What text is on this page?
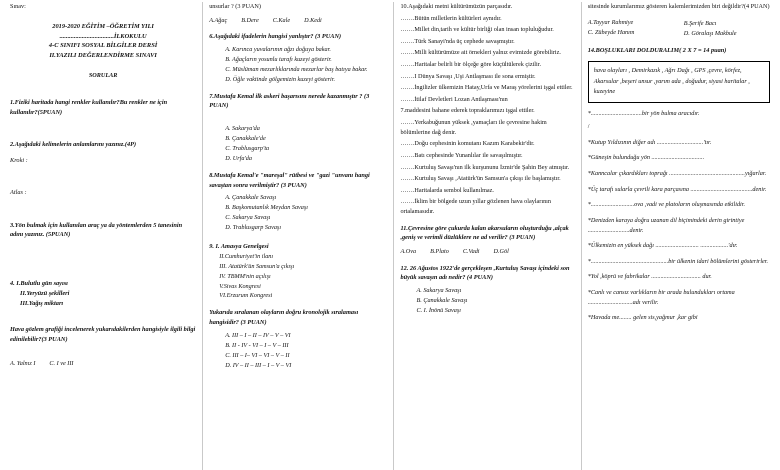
Sınav:
2019-2020 EĞİTİM –ÖĞRETİM YILI
..................................İLKOKULU
4-C SINIFI SOSYAL BİLGİLER DERSİ
II.YAZILI DEĞERLENDİRME SINAVI
SORULAR
1.Fiziki haritada hangi renkler kullanılır?Bu renkler ne için kullanılır?(5PUAN)
2.Aşağıdaki kelimelerin anlamlarını yazınız.(4P)
Kroki :
Atlas :
3.Yön bulmak için kullanılan araç ya da yöntemlerden 5 tanesinin adını yazınız. (5PUAN)
4. I.Bulutlu gün sayısı
II.Yeryüzü şekilleri
III.Yağış miktarı
Hava gözlem grafiği incelenerek yukarıdakilerden hangisiyle ilgili bilgi edinilebilir?(3 PUAN)
A. Yalnız I C. I ve III
unsurlar ? (3 PUAN)
A.Ağaç B.Dere C.Kale D.Kedi
6.Aşağıdaki ifadelerin hangisi yanlıştır? (3 PUAN)
A. Karınca yuvalarının ağzı doğuya bakar.
B. Ağaçların yosunlu tarafı kuzeyi gösterir.
C. Müslüman mezarlıklarında mezarlar baş batıya bakar.
D. Öğle vaktinde gölgemizin kuzeyi gösterir.
7.Mustafa Kemal ilk askeri başarısını nerede kazanmıştır ? (3 PUAN)
A. Sakarya'da
B. Çanakkale'de
C. Trablusgarp'ta
D. Urfa'da
8.Mustafa Kemal'e "mareşal" rütbesi ve "gazi "unvanı hangi savaştan sonra verilmiştir? (3 PUAN)
A. Çanakkale Savaşı
B. Başkomutanlık Meydan Savaşı
C. Sakarya Savaşı
D. Trablusgarp Savaşı
9. I. Amasya Genelgesi
II.Cumhuriyet'in ilanı
III. Atatürk'ün Samsun'a çıkışı
IV. TBMM'nin açılışı
V.Sivas Kongresi
VI.Erzurum Kongresi
Yukarıda sıralanan olayların doğru kronolojik sıralaması hangisidir? (3 PUAN)
A. III – I – II – IV – V – VI
B. II - IV - VI – I – V – III
C. III – I– VI – VI – V – II
D. IV – II – III – I – V – VI
10.Aşağıdaki metni kültürümüzün parçasıdır.
…….Bütün milletlerin kültürleri aynıdır.
…….Millet din,tarih ve kültür birliği olan insan topluluğudur.
…….Türk Sanayi'nda üç cephede savaşmıştır.
…….Milli kültürümüze ait örnekleri yalnız evimizde görebiliriz.
…….Haritalar belirli bir ölçeğe göre küçültülerek çizilir.
…….I Dünya Savaşı ,Uşi Antlaşması ile sona ermiştir.
…….İngilizler ülkemizin Hatay,Urfa ve Maraş yörelerini işgal ettiler.
…….İtilaf Devletleri Lozan Antlaşması'nın
7.maddesini bahane ederek topraklarımızı işgal ettiler.
…….Yerkabuğunun yüksek ,yamaçları ile çevresine hakim bölümlerine dağ denir.
…….Doğu cephesinin komutanı Kazım Karabekir'dir.
…….Batı cephesinde Yunanlılar ile savaşılmıştır.
…….Kurtuluş Savaşı'nın ilk kurşununu İzmir'de Şahin Bey atmıştır.
…….Kurtuluş Savaşı ,Atatürk'ün Samsun'a çıkışı ile başlamıştır.
…….Haritalarda sembol kullanılmaz.
…….İklim bir bölgede uzun yıllar gözlenen hava olaylarının ortalamasıdır.
11.Çevresine göre çukurda kalan akarsuların oluşturduğu ,alçak ,geniş ve verimli düzlüklere ne ad verilir? (3 PUAN)
A.Ova B.Plato C.Vadi D.Göl
12. 26 Ağustos 1922'de gerçekleşen ,Kurtuluş Savaşı içindeki son büyük savaşın adı nedir? (4 PUAN)
A. Sakarya Savaşı
B. Çanakkale Savaşı
C. I. İnönü Savaşı
sitesinde kurumlarımız gösteren kalemlerimizden biri değildir?(4 PUAN)
A.Tayyar Rahmiye	B.Şerife Bacı
C. Zübeyde Hanım	D. Göralaşı Makbule
14.BOŞLUKLARI DOLDURALIM( 2 X 7 = 14 puan)
hava olayları , Demirkazık , Ağrı Dağı , GPS ,çevre, körfez, Akarsular ,beşeri unsur ,yarım ada , doğudur, siyasi haritalar , kuzeyine
*.................................bir yön bulma aracıdır.
/
*Kutup Yıldızının diğer adı ..............................'tır.
*Güneşin bulunduğu yön ..................................
*Kanncalar çıkardıkları toprağı .................................................yığarlar.
*Üç tarafı sularla çevrili kara parçasına ........................................denir.
*............................ova ,vadi ve platoların oluşmasında etkilidir.
*Denizden karaya doğru uzanan dil biçimindeki derin girintiye ...........................denir.
*Ülkemizin en yüksek dağı ............................ ..................'dır.
*..................................................bir ülkenin idari bölümlerini gösterirler.
*Yol ,köprü ve fabrikalar ................................ dur.
*Canlı ve cansız varlıkların bir arada bulundukları ortama .............................adı verilir.
*Havada me........ gelen sis,yağmur ,kar gibi
